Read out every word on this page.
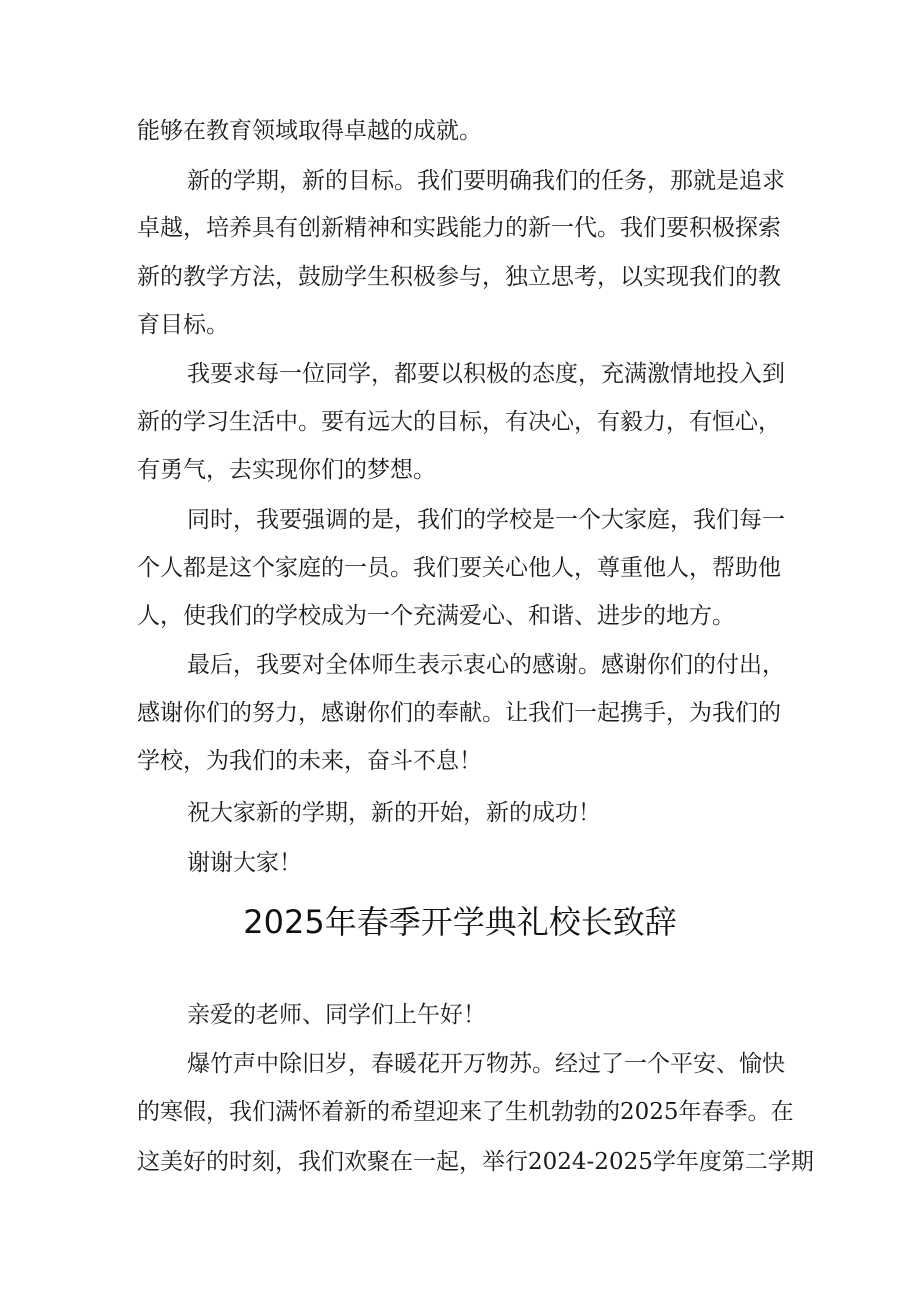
能够在教育领域取得卓越的成就。

新的学期，新的目标。我们要明确我们的任务，那就是追求

卓越，培养具有创新精神和实践能力的新一代。我们要积极探索

新的教学方法，鼓励学生积极参与，独立思考，以实现我们的教

育目标。

我要求每一位同学，都要以积极的态度，充满激情地投入到

新的学习生活中。要有远大的目标，有决心，有毅力，有恒心，

有勇气，去实现你们的梦想。

同时，我要强调的是，我们的学校是一个大家庭，我们每一

个人都是这个家庭的一员。我们要关心他人，尊重他人，帮助他

人，使我们的学校成为一个充满爱心、和谐、进步的地方。

最后，我要对全体师生表示衷心的感谢。感谢你们的付出，

感谢你们的努力，感谢你们的奉献。让我们一起携手，为我们的

学校，为我们的未来，奋斗不息！

祝大家新的学期，新的开始，新的成功！

谢谢大家！

2025年春季开学典礼校长致辞

亲爱的老师、同学们上午好！

爆竹声中除旧岁，春暖花开万物苏。经过了一个平安、愉快

的寒假，我们满怀着新的希望迎来了生机勃勃的2025年春季。在

这美好的时刻，我们欢聚在一起，举行2024-2025学年度第二学期
